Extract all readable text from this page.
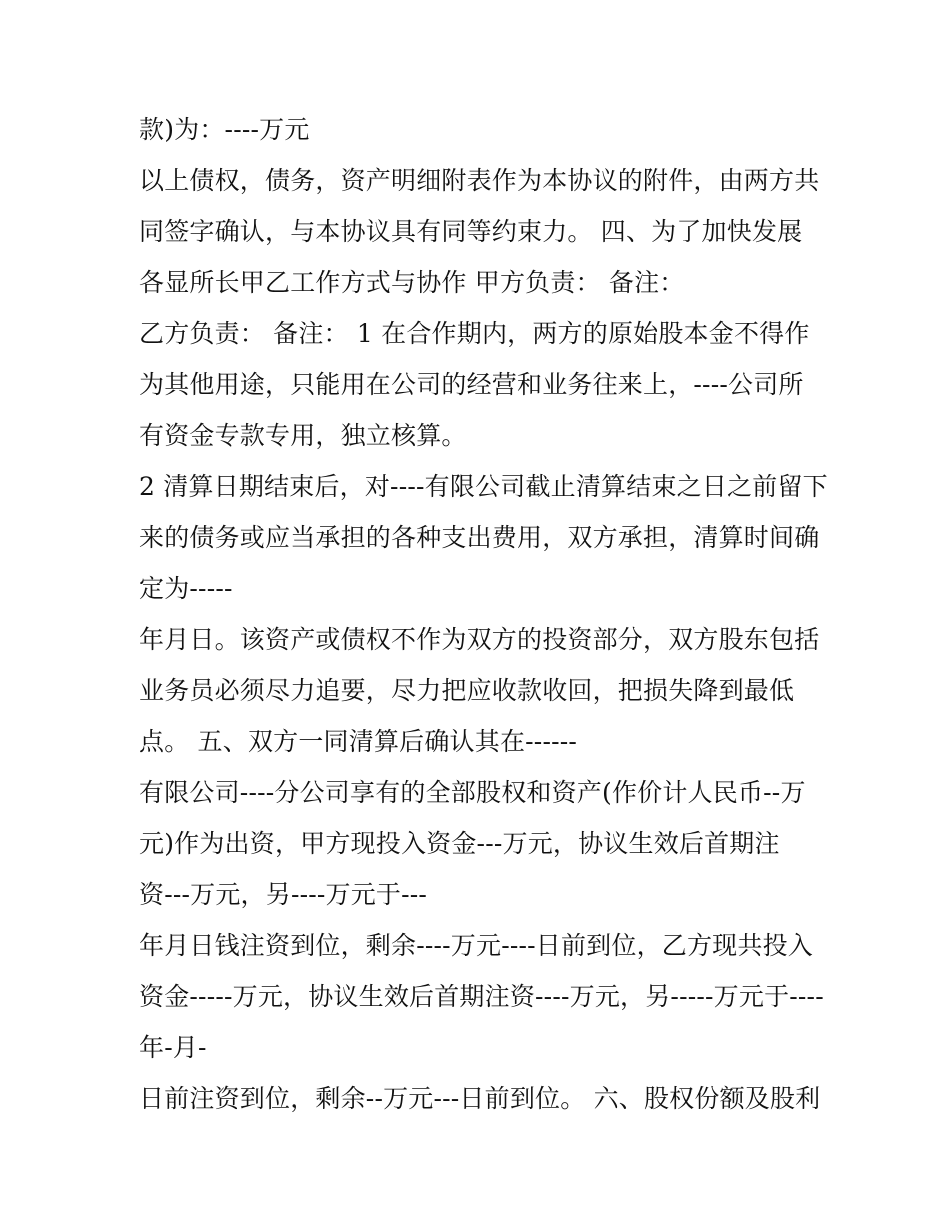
款)为：----万元
以上债权，债务，资产明细附表作为本协议的附件，由两方共
同签字确认，与本协议具有同等约束力。 四、为了加快发展
各显所长甲乙工作方式与协作 甲方负责： 备注：
乙方负责： 备注： 1 在合作期内，两方的原始股本金不得作
为其他用途，只能用在公司的经营和业务往来上，----公司所
有资金专款专用，独立核算。
2 清算日期结束后，对----有限公司截止清算结束之日之前留下
来的债务或应当承担的各种支出费用，双方承担，清算时间确
定为-----
年月日。该资产或债权不作为双方的投资部分，双方股东包括
业务员必须尽力追要，尽力把应收款收回，把损失降到最低
点。 五、双方一同清算后确认其在------
有限公司----分公司享有的全部股权和资产(作价计人民币--万
元)作为出资，甲方现投入资金---万元，协议生效后首期注
资---万元，另----万元于---
年月日钱注资到位，剩余----万元----日前到位，乙方现共投入
资金-----万元，协议生效后首期注资----万元，另-----万元于----
年-月-
日前注资到位，剩余--万元---日前到位。 六、股权份额及股利
